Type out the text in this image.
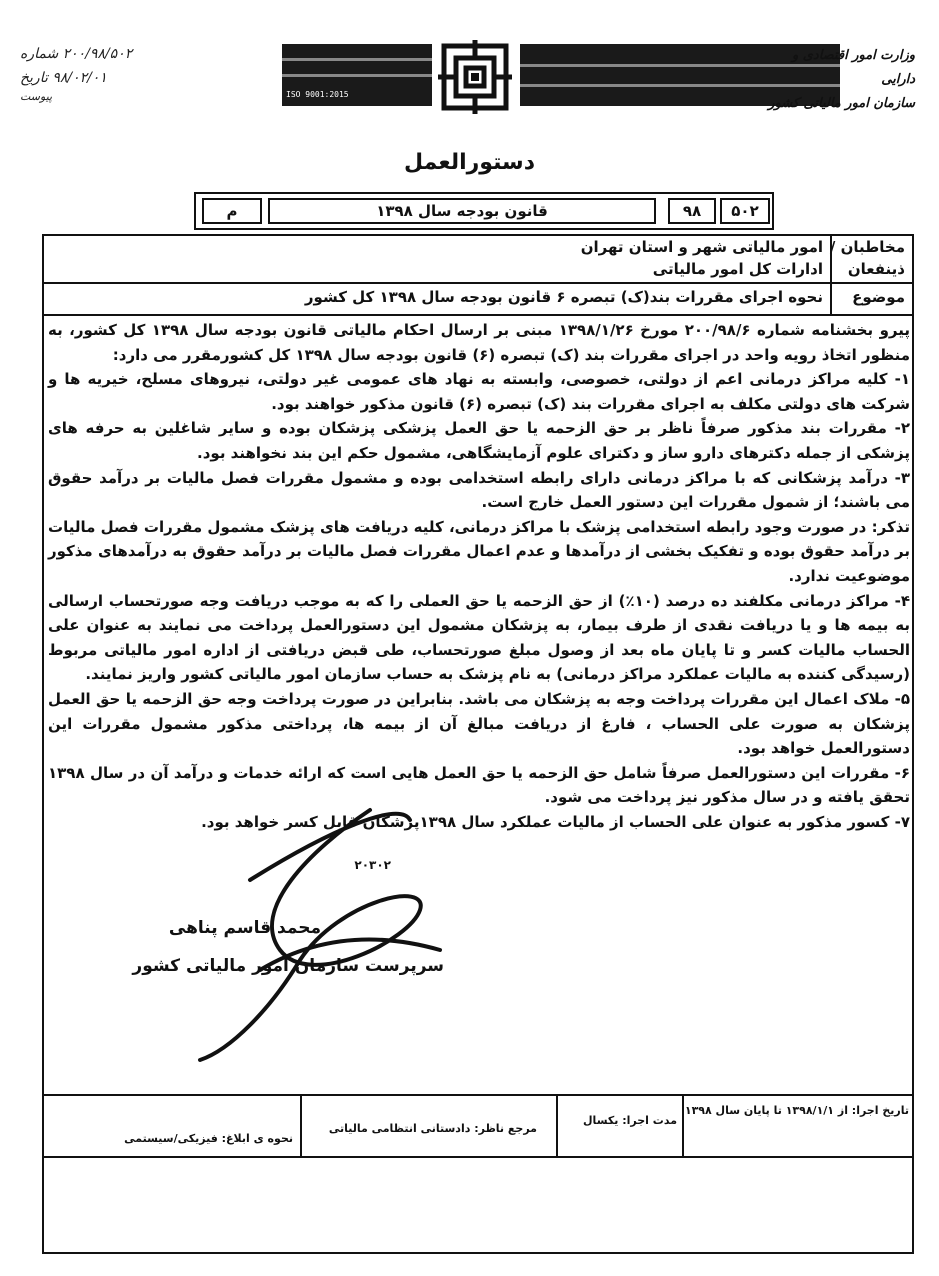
۲۰۰/۹۸/۵۰۲ شماره
۹۸/۰۲/۰۱ تاریخ
پیوست	ISO 9001:2015
وزارت امور اقتصادی و دارایی
سازمان امور مالیاتی کشور
دستورالعمل
م	قانون بودجه سال ۱۳۹۸	۹۸	۵۰۲
مخاطبان /
ذینفعان
امور مالیاتی شهر و استان تهران
ادارات کل امور مالیاتی
موضوع
نحوه اجرای مقررات بند(ک) تبصره ۶ قانون بودجه سال ۱۳۹۸ کل کشور

پیرو بخشنامه شماره ۲۰۰/۹۸/۶ مورخ ۱۳۹۸/۱/۲۶ مبنی بر ارسال احکام مالیاتی قانون بودجه سال ۱۳۹۸ کل کشور، به منظور اتخاذ رویه واحد در اجرای مقررات بند (ک) تبصره (۶) قانون بودجه سال ۱۳۹۸ کل کشورمقرر می دارد:

۱- کلیه مراکز درمانی اعم از دولتی، خصوصی، وابسته به نهاد های عمومی غیر دولتی، نیروهای مسلح، خیریه ها و شرکت های دولتی مکلف به اجرای مقررات بند (ک) تبصره (۶) قانون مذکور خواهند بود.

۲- مقررات بند مذکور صرفاً ناظر بر حق الزحمه یا حق العمل پزشکی پزشکان بوده و سایر شاغلین به حرفه های پزشکی از جمله دکترهای دارو ساز و دکترای علوم آزمایشگاهی، مشمول حکم این بند نخواهند بود.

۳- درآمد پزشکانی که با مراکز درمانی دارای رابطه استخدامی بوده و مشمول مقررات فصل مالیات بر درآمد حقوق می باشند؛ از شمول مقررات این دستور العمل خارج است.

تذکر: در صورت وجود رابطه استخدامی پزشک با مراکز درمانی، کلیه دریافت های پزشک مشمول مقررات فصل مالیات بر درآمد حقوق بوده و تفکیک بخشی از درآمدها و عدم اعمال مقررات فصل مالیات بر درآمد حقوق به درآمدهای مذکور موضوعیت ندارد.

۴- مراکز درمانی مکلفند ده درصد (۱۰٪) از حق الزحمه یا حق العملی را که به موجب دریافت وجه صورتحساب ارسالی به بیمه ها و یا دریافت نقدی از طرف بیمار، به پزشکان مشمول این دستورالعمل پرداخت می نمایند به عنوان علی الحساب مالیات کسر و تا پایان ماه بعد از وصول مبلغ صورتحساب، طی قبض دریافتی از اداره امور مالیاتی مربوط (رسیدگی کننده به مالیات عملکرد مراکز درمانی) به نام پزشک به حساب سازمان امور مالیاتی کشور واریز نمایند.

۵- ملاک اعمال این مقررات پرداخت وجه به پزشکان می باشد. بنابراین در صورت پرداخت وجه حق الزحمه یا حق العمل پزشکان به صورت علی الحساب ، فارغ از دریافت مبالغ آن از بیمه ها، پرداختی مذکور مشمول مقررات این دستورالعمل خواهد بود.

۶- مقررات این دستورالعمل صرفاً شامل حق الزحمه یا حق العمل هایی است که ارائه خدمات و درآمد آن در سال ۱۳۹۸ تحقق یافته و در سال مذکور نیز پرداخت می شود.

۷- کسور مذکور به عنوان علی الحساب از مالیات عملکرد سال ۱۳۹۸پزشکان قابل کسر خواهد بود.

۲۰۳۰۲
محمد قاسم پناهی
سرپرست سازمان امور مالیاتی کشور
تاریخ اجرا: از ۱۳۹۸/۱/۱ تا پایان سال ۱۳۹۸
مدت اجرا: یکسال
مرجع ناظر: دادستانی انتظامی مالیاتی
نحوه ی ابلاغ: فیزیکی/سیستمی
